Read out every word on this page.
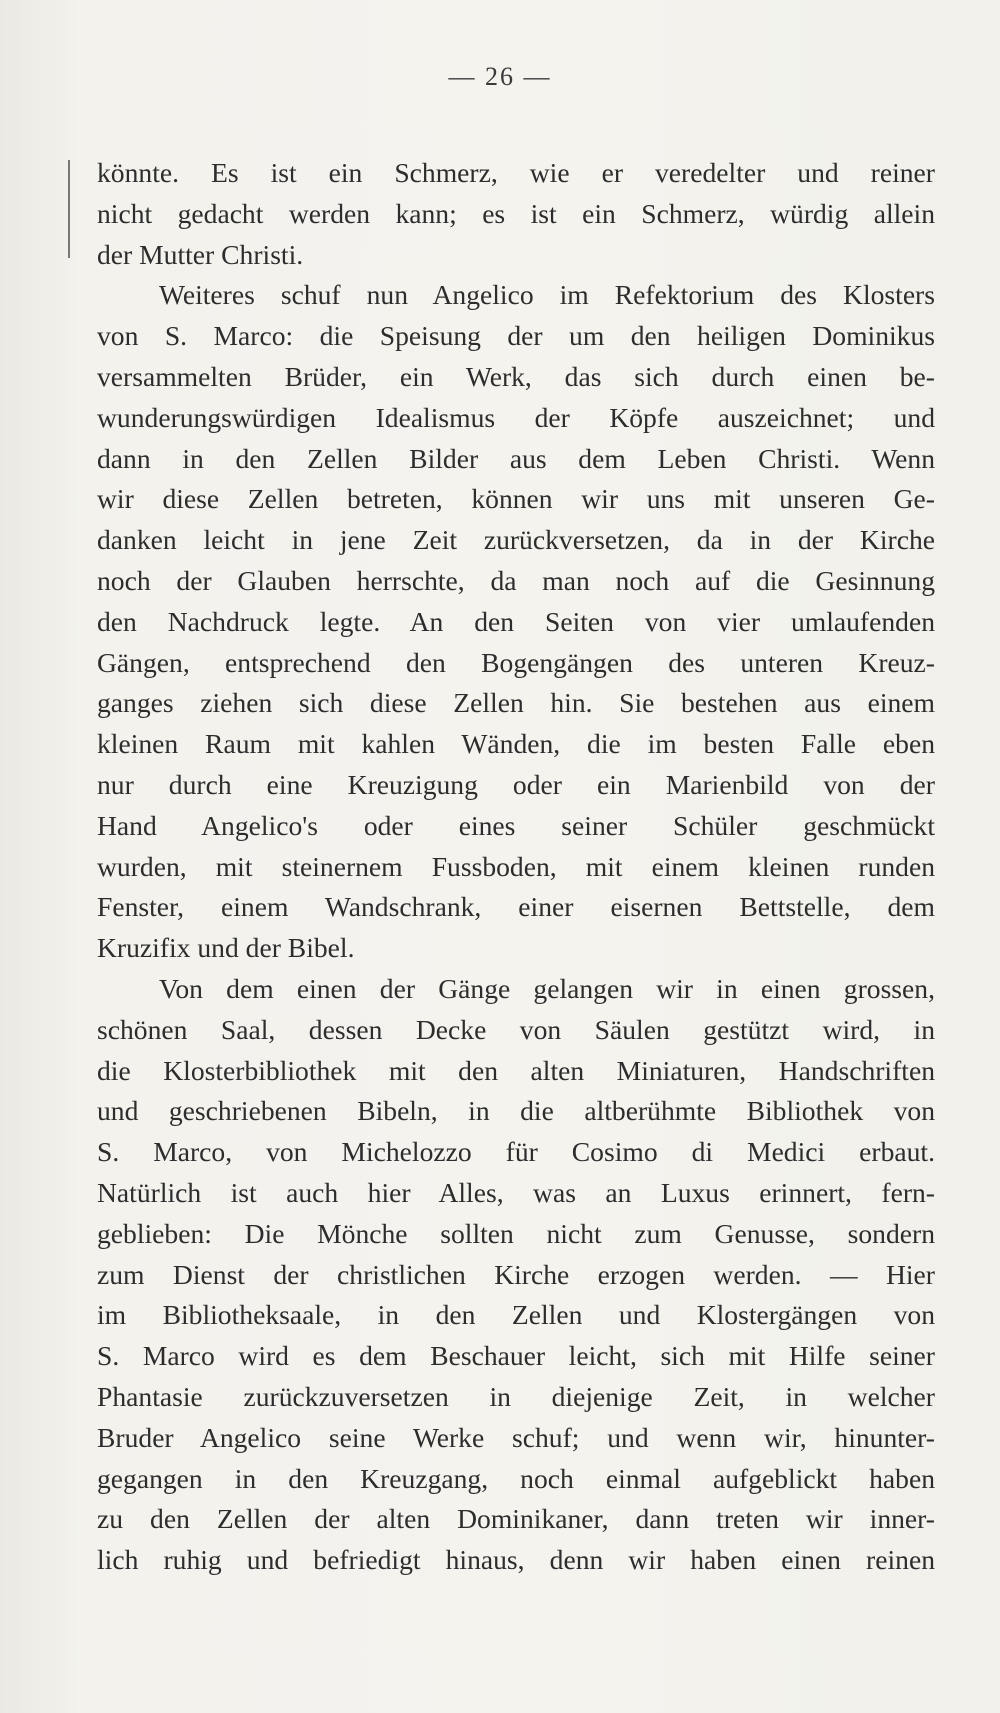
— 26 —
könnte. Es ist ein Schmerz, wie er veredelter und reiner
nicht gedacht werden kann; es ist ein Schmerz, würdig allein
der Mutter Christi.
Weiteres schuf nun Angelico im Refektorium des Klosters
von S. Marco: die Speisung der um den heiligen Dominikus
versammelten Brüder, ein Werk, das sich durch einen be-
wunderungswürdigen Idealismus der Köpfe auszeichnet; und
dann in den Zellen Bilder aus dem Leben Christi. Wenn
wir diese Zellen betreten, können wir uns mit unseren Ge-
danken leicht in jene Zeit zurückversetzen, da in der Kirche
noch der Glauben herrschte, da man noch auf die Gesinnung
den Nachdruck legte. An den Seiten von vier umlaufenden
Gängen, entsprechend den Bogengängen des unteren Kreuz-
ganges ziehen sich diese Zellen hin. Sie bestehen aus einem
kleinen Raum mit kahlen Wänden, die im besten Falle eben
nur durch eine Kreuzigung oder ein Marienbild von der
Hand Angelico's oder eines seiner Schüler geschmückt
wurden, mit steinernem Fussboden, mit einem kleinen runden
Fenster, einem Wandschrank, einer eisernen Bettstelle, dem
Kruzifix und der Bibel.
Von dem einen der Gänge gelangen wir in einen grossen,
schönen Saal, dessen Decke von Säulen gestützt wird, in
die Klosterbibliothek mit den alten Miniaturen, Handschriften
und geschriebenen Bibeln, in die altberühmte Bibliothek von
S. Marco, von Michelozzo für Cosimo di Medici erbaut.
Natürlich ist auch hier Alles, was an Luxus erinnert, fern-
geblieben: Die Mönche sollten nicht zum Genusse, sondern
zum Dienst der christlichen Kirche erzogen werden. — Hier
im Bibliotheksaale, in den Zellen und Klostergängen von
S. Marco wird es dem Beschauer leicht, sich mit Hilfe seiner
Phantasie zurückzuversetzen in diejenige Zeit, in welcher
Bruder Angelico seine Werke schuf; und wenn wir, hinunter-
gegangen in den Kreuzgang, noch einmal aufgeblickt haben
zu den Zellen der alten Dominikaner, dann treten wir inner-
lich ruhig und befriedigt hinaus, denn wir haben einen reinen
